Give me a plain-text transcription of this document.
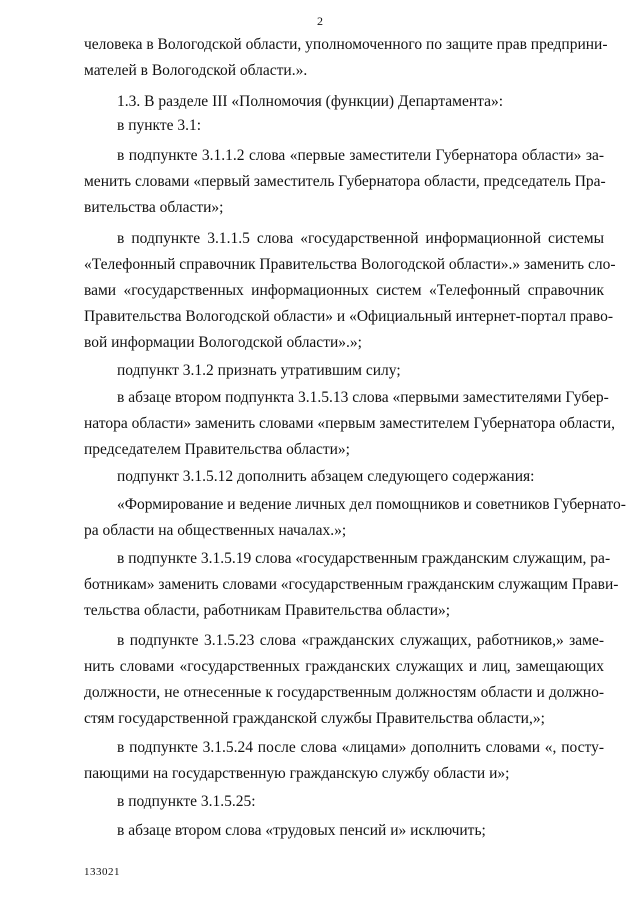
2
человека в Вологодской области, уполномоченного по защите прав предприни-
мателей в Вологодской области.».
1.3. В разделе III «Полномочия (функции) Департамента»:
в пункте 3.1:
в подпункте 3.1.1.2 слова «первые заместители Губернатора области» за-
менить словами «первый заместитель Губернатора области, председатель Пра-
вительства области»;
в подпункте 3.1.1.5 слова «государственной информационной системы
«Телефонный справочник Правительства Вологодской области».» заменить сло-
вами «государственных информационных систем «Телефонный справочник
Правительства Вологодской области» и «Официальный интернет-портал право-
вой информации Вологодской области».»;
подпункт 3.1.2 признать утратившим силу;
в абзаце втором подпункта 3.1.5.13 слова «первыми заместителями Губер-
натора области» заменить словами «первым заместителем Губернатора области,
председателем Правительства области»;
подпункт 3.1.5.12 дополнить абзацем следующего содержания:
«Формирование и ведение личных дел помощников и советников Губернато-
ра области на общественных началах.»;
в подпункте 3.1.5.19 слова «государственным гражданским служащим, ра-
ботникам» заменить словами «государственным гражданским служащим Прави-
тельства области, работникам Правительства области»;
в подпункте 3.1.5.23 слова «гражданских служащих, работников,» заме-
нить словами «государственных гражданских служащих и лиц, замещающих
должности, не отнесенные к государственным должностям области и должно-
стям государственной гражданской службы Правительства области,»;
в подпункте 3.1.5.24 после слова «лицами» дополнить словами «, посту-
пающими на государственную гражданскую службу области и»;
в подпункте 3.1.5.25:
в абзаце втором слова «трудовых пенсий и» исключить;
133021
